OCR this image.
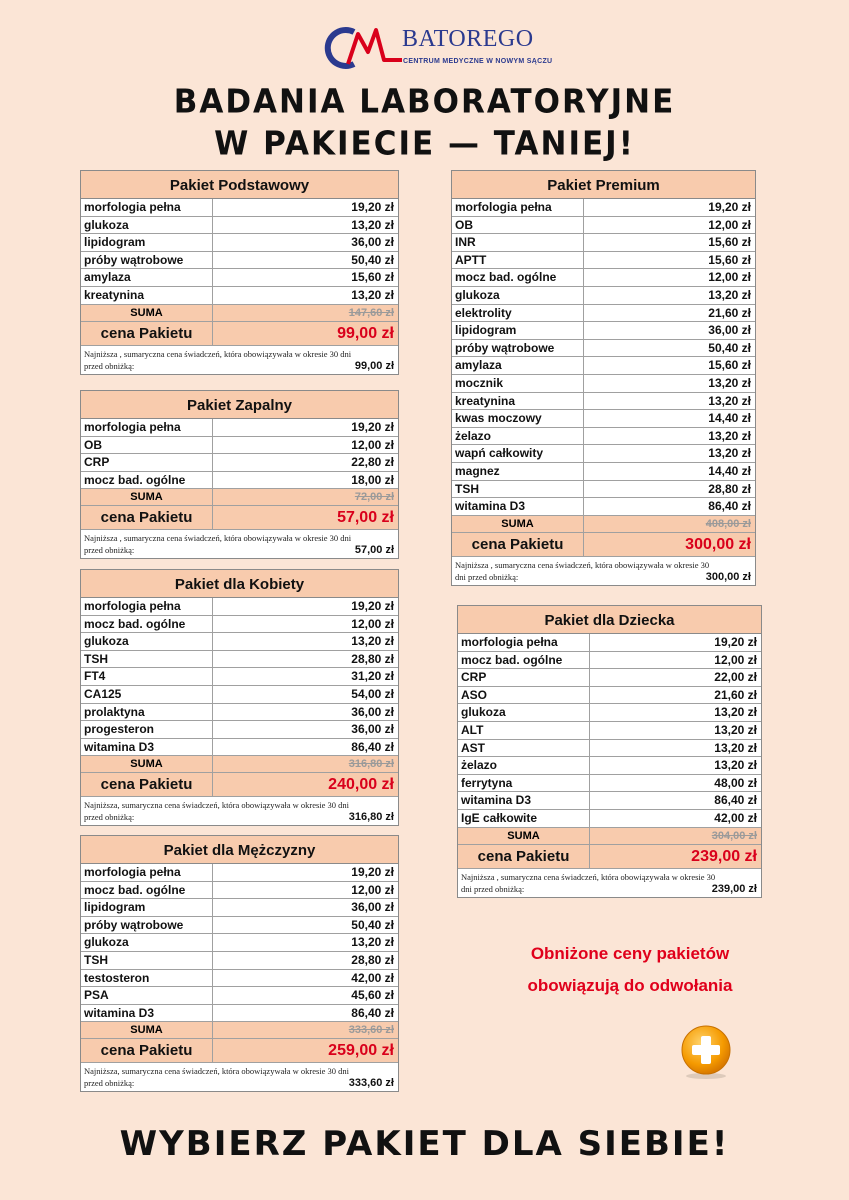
BATOREGO
CENTRUM MEDYCZNE W NOWYM SĄCZU
BADANIA LABORATORYJNE
W PAKIECIE — TANIEJ!
Pakiet Podstawowy
morfologia pełna	19,20 zł
glukoza	13,20 zł
lipidogram	36,00 zł
próby wątrobowe	50,40 zł
amylaza	15,60 zł
kreatynina	13,20 zł
SUMA	147,60 zł
cena Pakietu	99,00 zł
Najniższa , sumaryczna cena świadczeń, która obowiązywała w okresie 30 dni
przed obniżką:	99,00 zł
Pakiet Zapalny
morfologia pełna	19,20 zł
OB	12,00 zł
CRP	22,80 zł
mocz bad. ogólne	18,00 zł
SUMA	72,00 zł
cena Pakietu	57,00 zł
Najniższa , sumaryczna cena świadczeń, która obowiązywała w okresie 30 dni
przed obniżką:	57,00 zł
Pakiet dla Kobiety
morfologia pełna	19,20 zł
mocz bad. ogólne	12,00 zł
glukoza	13,20 zł
TSH	28,80 zł
FT4	31,20 zł
CA125	54,00 zł
prolaktyna	36,00 zł
progesteron	36,00 zł
witamina D3	86,40 zł
SUMA	316,80 zł
cena Pakietu	240,00 zł
Najniższa, sumaryczna cena świadczeń, która obowiązywała w okresie 30 dni
przed obniżką:	316,80 zł
Pakiet dla Mężczyzny
morfologia pełna	19,20 zł
mocz bad. ogólne	12,00 zł
lipidogram	36,00 zł
próby wątrobowe	50,40 zł
glukoza	13,20 zł
TSH	28,80 zł
testosteron	42,00 zł
PSA	45,60 zł
witamina D3	86,40 zł
SUMA	333,60 zł
cena Pakietu	259,00 zł
Najniższa, sumaryczna cena świadczeń, która obowiązywała w okresie 30 dni
przed obniżką:	333,60 zł
Pakiet Premium
morfologia pełna	19,20 zł
OB	12,00 zł
INR	15,60 zł
APTT	15,60 zł
mocz bad. ogólne	12,00 zł
glukoza	13,20 zł
elektrolity	21,60 zł
lipidogram	36,00 zł
próby wątrobowe	50,40 zł
amylaza	15,60 zł
mocznik	13,20 zł
kreatynina	13,20 zł
kwas moczowy	14,40 zł
żelazo	13,20 zł
wapń całkowity	13,20 zł
magnez	14,40 zł
TSH	28,80 zł
witamina D3	86,40 zł
SUMA	408,00 zł
cena Pakietu	300,00 zł
Najniższa , sumaryczna cena świadczeń, która obowiązywała w okresie 30
dni przed obniżką:	300,00 zł
Pakiet dla Dziecka
morfologia pełna	19,20 zł
mocz bad. ogólne	12,00 zł
CRP	22,00 zł
ASO	21,60 zł
glukoza	13,20 zł
ALT	13,20 zł
AST	13,20 zł
żelazo	13,20 zł
ferrytyna	48,00 zł
witamina D3	86,40 zł
IgE całkowite	42,00 zł
SUMA	304,00 zł
cena Pakietu	239,00 zł
Najniższa , sumaryczna cena świadczeń, która obowiązywała w okresie 30
dni przed obniżką:	239,00 zł
Obniżone ceny pakietów
obowiązują do odwołania
WYBIERZ PAKIET DLA SIEBIE!
